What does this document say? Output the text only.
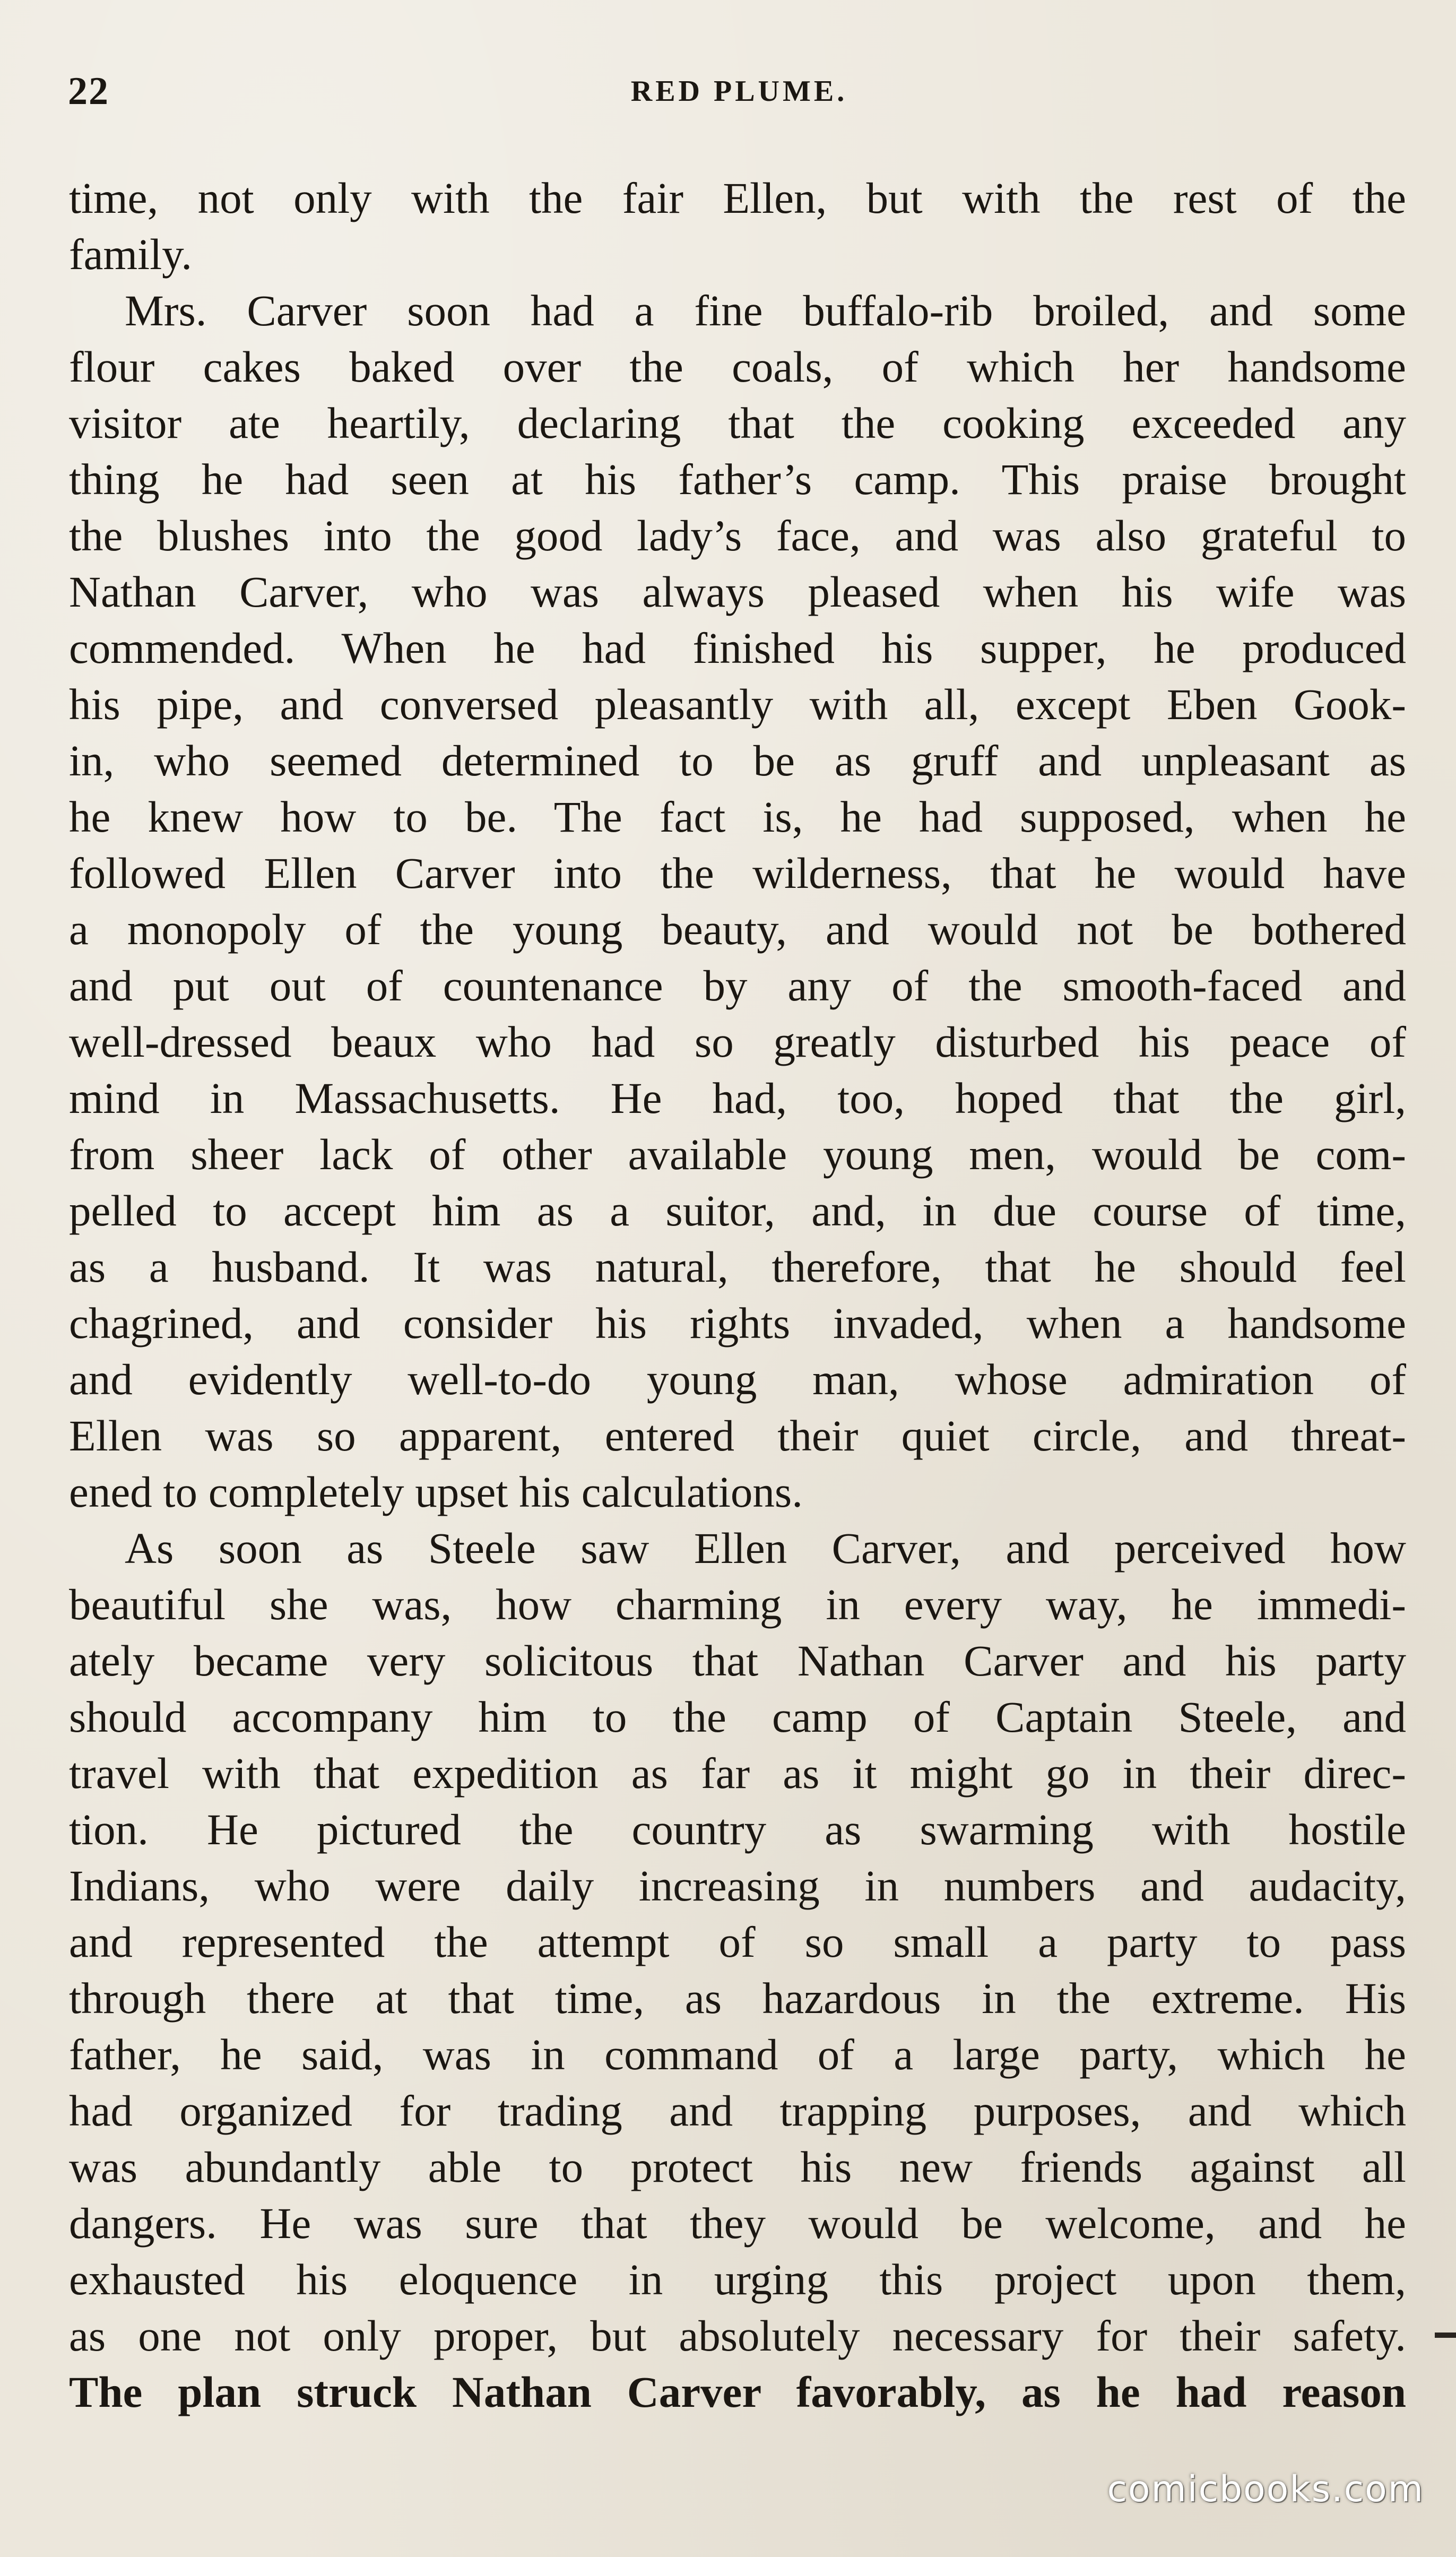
22	RED PLUME.
time, not only with the fair Ellen, but with the rest of the
family.
Mrs. Carver soon had a fine buffalo-rib broiled, and some
flour cakes baked over the coals, of which her handsome
visitor ate heartily, declaring that the cooking exceeded any
thing he had seen at his father’s camp. This praise brought
the blushes into the good lady’s face, and was also grateful to
Nathan Carver, who was always pleased when his wife was
commended. When he had finished his supper, he produced
his pipe, and conversed pleasantly with all, except Eben Gook-
in, who seemed determined to be as gruff and unpleasant as
he knew how to be. The fact is, he had supposed, when he
followed Ellen Carver into the wilderness, that he would have
a monopoly of the young beauty, and would not be bothered
and put out of countenance by any of the smooth-faced and
well-dressed beaux who had so greatly disturbed his peace of
mind in Massachusetts. He had, too, hoped that the girl,
from sheer lack of other available young men, would be com-
pelled to accept him as a suitor, and, in due course of time,
as a husband. It was natural, therefore, that he should feel
chagrined, and consider his rights invaded, when a handsome
and evidently well-to-do young man, whose admiration of
Ellen was so apparent, entered their quiet circle, and threat-
ened to completely upset his calculations.
As soon as Steele saw Ellen Carver, and perceived how
beautiful she was, how charming in every way, he immedi-
ately became very solicitous that Nathan Carver and his party
should accompany him to the camp of Captain Steele, and
travel with that expedition as far as it might go in their direc-
tion. He pictured the country as swarming with hostile
Indians, who were daily increasing in numbers and audacity,
and represented the attempt of so small a party to pass
through there at that time, as hazardous in the extreme. His
father, he said, was in command of a large party, which he
had organized for trading and trapping purposes, and which
was abundantly able to protect his new friends against all
dangers. He was sure that they would be welcome, and he
exhausted his eloquence in urging this project upon them,
as one not only proper, but absolutely necessary for their safety.
The plan struck Nathan Carver favorably, as he had reason
comicbooks.com
